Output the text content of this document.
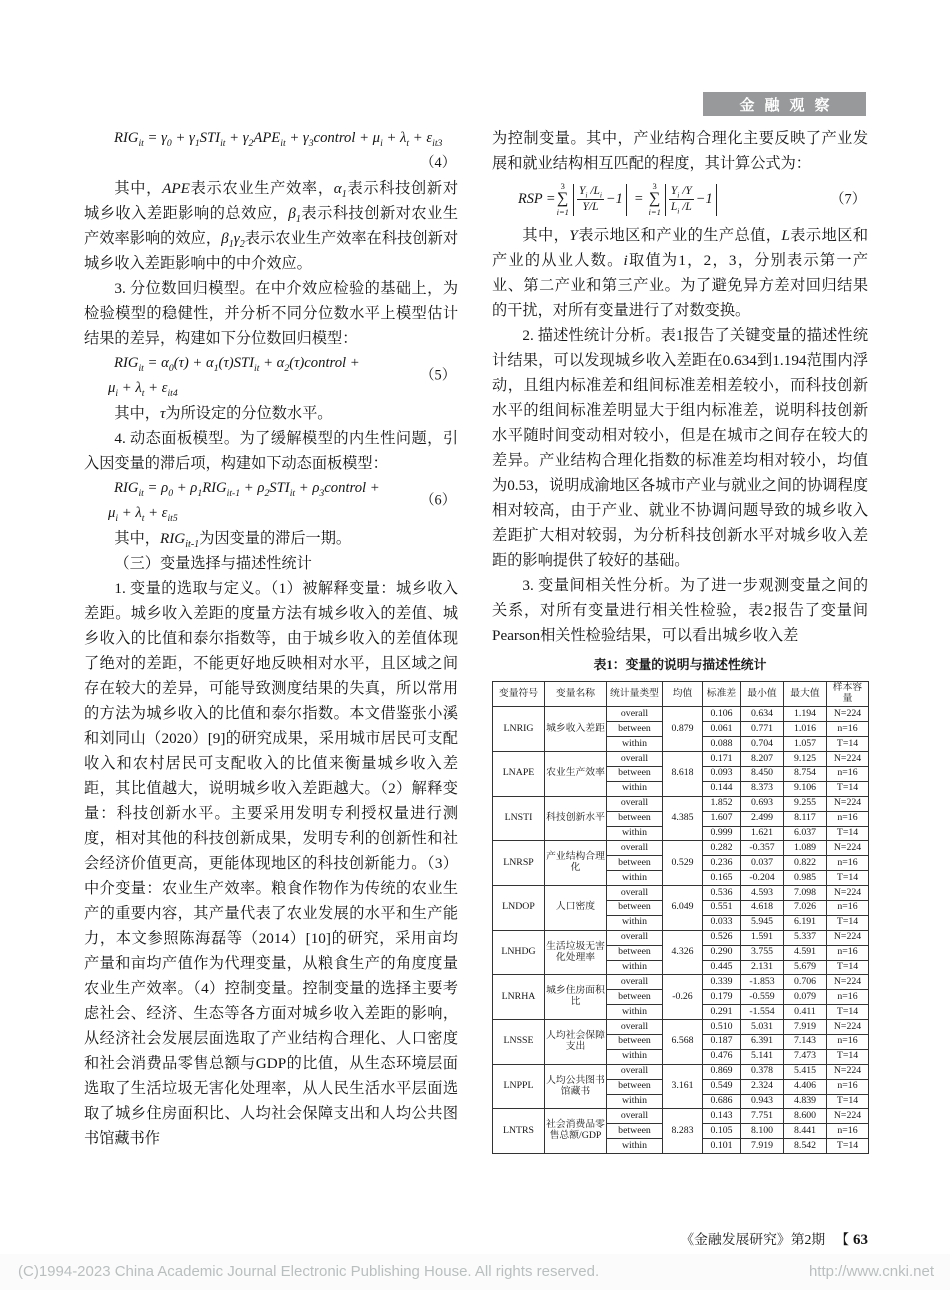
金融观察
$RIG_{it} = \gamma_0 + \gamma_1STI_{it} + \gamma_2APE_{it}$ + $\gamma_3control + \mu_i + \lambda_t + \varepsilon_{it3}$
（4）

其中，APE表示农业生产效率，$\alpha_1$表示科技创新对城乡收入差距影响的总效应，$\beta_1$表示科技创新对农业生产效率影响的效应，$\beta_1\gamma_2$表示农业生产效率在科技创新对城乡收入差距影响中的中介效应。

3. 分位数回归模型。在中介效应检验的基础上，为检验模型的稳健性，并分析不同分位数水平上模型估计结果的差异，构建如下分位数回归模型：

$RIG_{it} = \alpha_0(\tau) + \alpha_1(\tau)STI_{it}$ + $\alpha_2(\tau)control$ +
$\mu_i + \lambda_t + \varepsilon_{it4}$
（5）

其中，τ为所设定的分位数水平。

4. 动态面板模型。为了缓解模型的内生性问题，引入因变量的滞后项，构建如下动态面板模型：

$RIG_{it} = \rho_0 + \rho_1RIG_{it-1} + \rho_2STI_{it}$ + $\rho_3control$ +
$\mu_i + \lambda_t + \varepsilon_{it5}$
（6）

其中，$RIG_{it-1}$为因变量的滞后一期。

（三）变量选择与描述性统计

1. 变量的选取与定义。（1）被解释变量：城乡收入差距。城乡收入差距的度量方法有城乡收入的差值、城乡收入的比值和泰尔指数等，由于城乡收入的差值体现了绝对的差距，不能更好地反映相对水平，且区域之间存在较大的差异，可能导致测度结果的失真，所以常用的方法为城乡收入的比值和泰尔指数。本文借鉴张小溪和刘同山（2020）[9]的研究成果，采用城市居民可支配收入和农村居民可支配收入的比值来衡量城乡收入差距，其比值越大，说明城乡收入差距越大。（2）解释变量：科技创新水平。主要采用发明专利授权量进行测度，相对其他的科技创新成果，发明专利的创新性和社会经济价值更高，更能体现地区的科技创新能力。（3）中介变量：农业生产效率。粮食作物作为传统的农业生产的重要内容，其产量代表了农业发展的水平和生产能力，本文参照陈海磊等（2014）[10]的研究，采用亩均产量和亩均产值作为代理变量，从粮食生产的角度度量农业生产效率。（4）控制变量。控制变量的选择主要考虑社会、经济、生态等各方面对城乡收入差距的影响，从经济社会发展层面选取了产业结构合理化、人口密度和社会消费品零售总额与GDP的比值，从生态环境层面选取了生活垃圾无害化处理率，从人民生活水平层面选取了城乡住房面积比、人均社会保障支出和人均公共图书馆藏书作

为控制变量。其中，产业结构合理化主要反映了产业发展和就业结构相互匹配的程度，其计算公式为：

RSP =
3
∑
$i=1 \frac{Y_i /L_i}{Y/L} -1$ =
3
∑
$i=1 \frac{Y_i /Y}{L_i /L} -1$	（7）

其中，Y表示地区和产业的生产总值，L表示地区和产业的从业人数。i取值为1，2，3，分别表示第一产业、第二产业和第三产业。为了避免异方差对回归结果的干扰，对所有变量进行了对数变换。

2. 描述性统计分析。表1报告了关键变量的描述性统计结果，可以发现城乡收入差距在0.634到1.194范围内浮动，且组内标准差和组间标准差相差较小，而科技创新水平的组间标准差明显大于组内标准差，说明科技创新水平随时间变动相对较小，但是在城市之间存在较大的差异。产业结构合理化指数的标准差均相对较小，均值为0.53，说明成渝地区各城市产业与就业之间的协调程度相对较高，由于产业、就业不协调问题导致的城乡收入差距扩大相对较弱，为分析科技创新水平对城乡收入差距的影响提供了较好的基础。

3. 变量间相关性分析。为了进一步观测变量之间的关系，对所有变量进行相关性检验，表2报告了变量间Pearson相关性检验结果，可以看出城乡收入差

表1：变量的说明与描述性统计
变量符号	变量名称	统计量类型	均值	标准差	最小值	最大值	样本容量
LNRIG	城乡收入差距	overall	0.879	0.106	0.634	1.194	N=224
		between		0.061	0.771	1.016	n=16
		within		0.088	0.704	1.057	T=14
LNAPE	农业生产效率	overall	8.618	0.171	8.207	9.125	N=224
		between		0.093	8.450	8.754	n=16
		within		0.144	8.373	9.106	T=14
LNSTI	科技创新水平	overall	4.385	1.852	0.693	9.255	N=224
		between		1.607	2.499	8.117	n=16
		within		0.999	1.621	6.037	T=14
LNRSP	产业结构合理化	overall	0.529	0.282	-0.357	1.089	N=224
		between		0.236	0.037	0.822	n=16
		within		0.165	-0.204	0.985	T=14
LNDOP	人口密度	overall	6.049	0.536	4.593	7.098	N=224
		between		0.551	4.618	7.026	n=16
		within		0.033	5.945	6.191	T=14
LNHDG	生活垃圾无害化处理率	overall	4.326	0.526	1.591	5.337	N=224
		between		0.290	3.755	4.591	n=16
		within		0.445	2.131	5.679	T=14
LNRHA	城乡住房面积比	overall	-0.26	0.339	-1.853	0.706	N=224
		between		0.179	-0.559	0.079	n=16
		within		0.291	-1.554	0.411	T=14
LNSSE	人均社会保障支出	overall	6.568	0.510	5.031	7.919	N=224
		between		0.187	6.391	7.143	n=16
		within		0.476	5.141	7.473	T=14
LNPPL	人均公共图书馆藏书	overall	3.161	0.869	0.378	5.415	N=224
		between		0.549	2.324	4.406	n=16
		within		0.686	0.943	4.839	T=14
LNTRS	社会消费品零售总额/GDP	overall	8.283	0.143	7.751	8.600	N=224
		between		0.105	8.100	8.441	n=16
		within		0.101	7.919	8.542	T=14
《金融发展研究》第2期 【 63
(C)1994-2023 China Academic Journal Electronic Publishing House. All rights reserved.	http://www.cnki.net
